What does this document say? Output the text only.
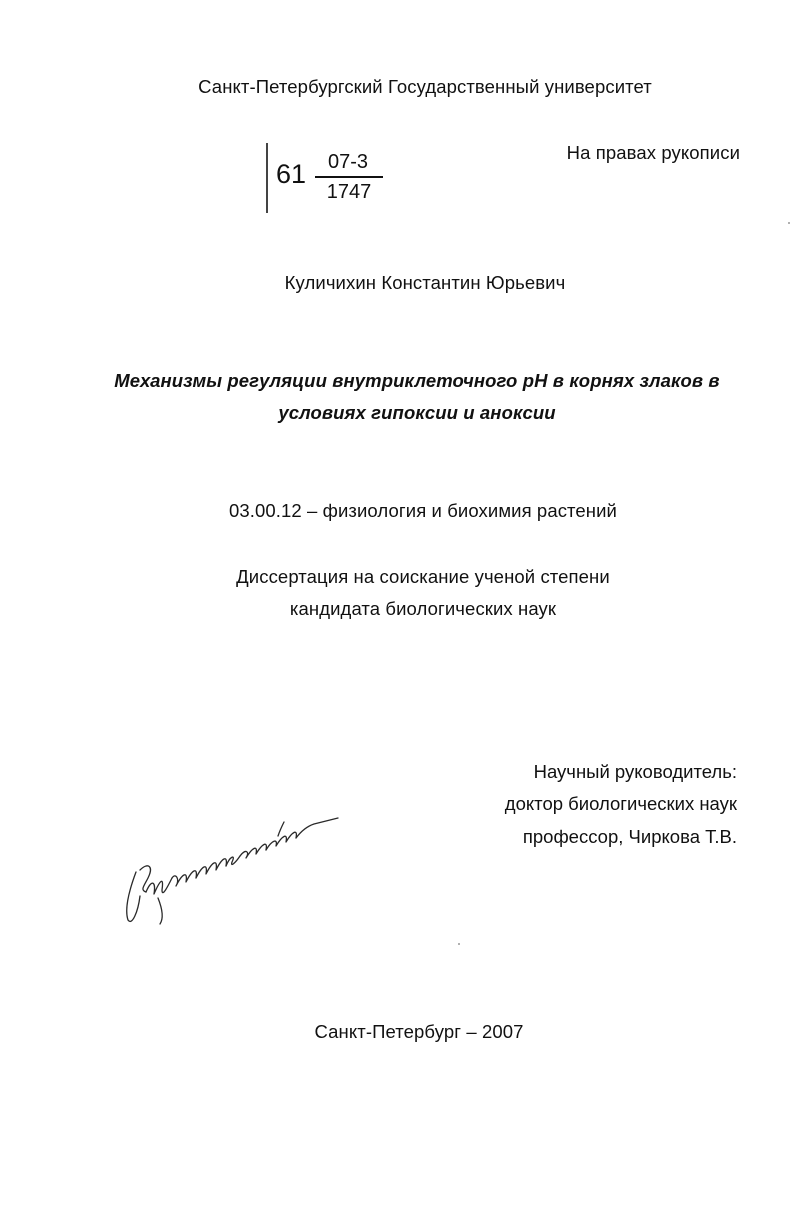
Санкт-Петербургский Государственный университет
61	07-3
1747
На правах рукописи
Куличихин Константин Юрьевич
Механизмы регуляции внутриклеточного pH в корнях злаков в
условиях гипоксии и аноксии
03.00.12 – физиология и биохимия растений
Диссертация на соискание ученой степени
кандидата биологических наук
Научный руководитель:
доктор биологических наук
профессор, Чиркова Т.В.
Санкт-Петербург – 2007
